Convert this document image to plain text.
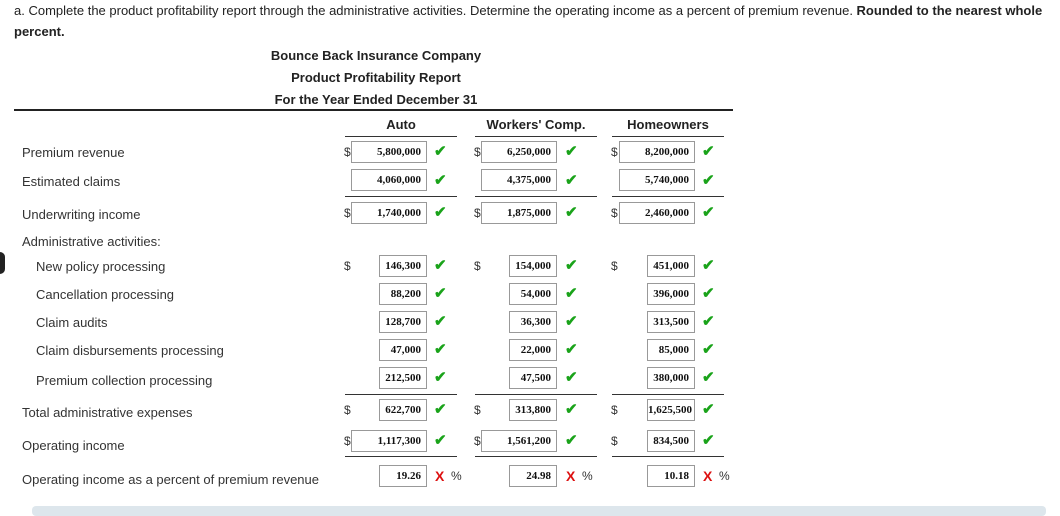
a. Complete the product profitability report through the administrative activities. Determine the operating income as a percent of premium revenue. Rounded to the nearest whole percent.
Bounce Back Insurance Company
Product Profitability Report
For the Year Ended December 31
Auto	Workers' Comp.	Homeowners
Premium revenue	$	5,800,000 ✔ $	6,250,000 ✔	$	8,200,000 ✔
Estimated claims	4,060,000 ✔	4,375,000 ✔	5,740,000 ✔
Underwriting income	$	1,740,000 ✔ $	1,875,000 ✔	$	2,460,000 ✔
Administrative activities:
New policy processing	$	146,300 ✔ $	154,000 ✔	$	451,000 ✔
Cancellation processing	88,200 ✔	54,000 ✔	396,000 ✔
Claim audits	128,700 ✔	36,300 ✔	313,500 ✔
Claim disbursements processing	47,000 ✔	22,000 ✔	85,000 ✔
Premium collection processing	212,500 ✔	47,500 ✔	380,000 ✔
Total administrative expenses	$	622,700 ✔ $	313,800 ✔	$	1,625,500 ✔
Operating income	$	1,117,300 ✔ $	1,561,200 ✔	$	834,500 ✔
Operating income as a percent of premium revenue	19.26	X %	24.98	X %	10.18	X %
